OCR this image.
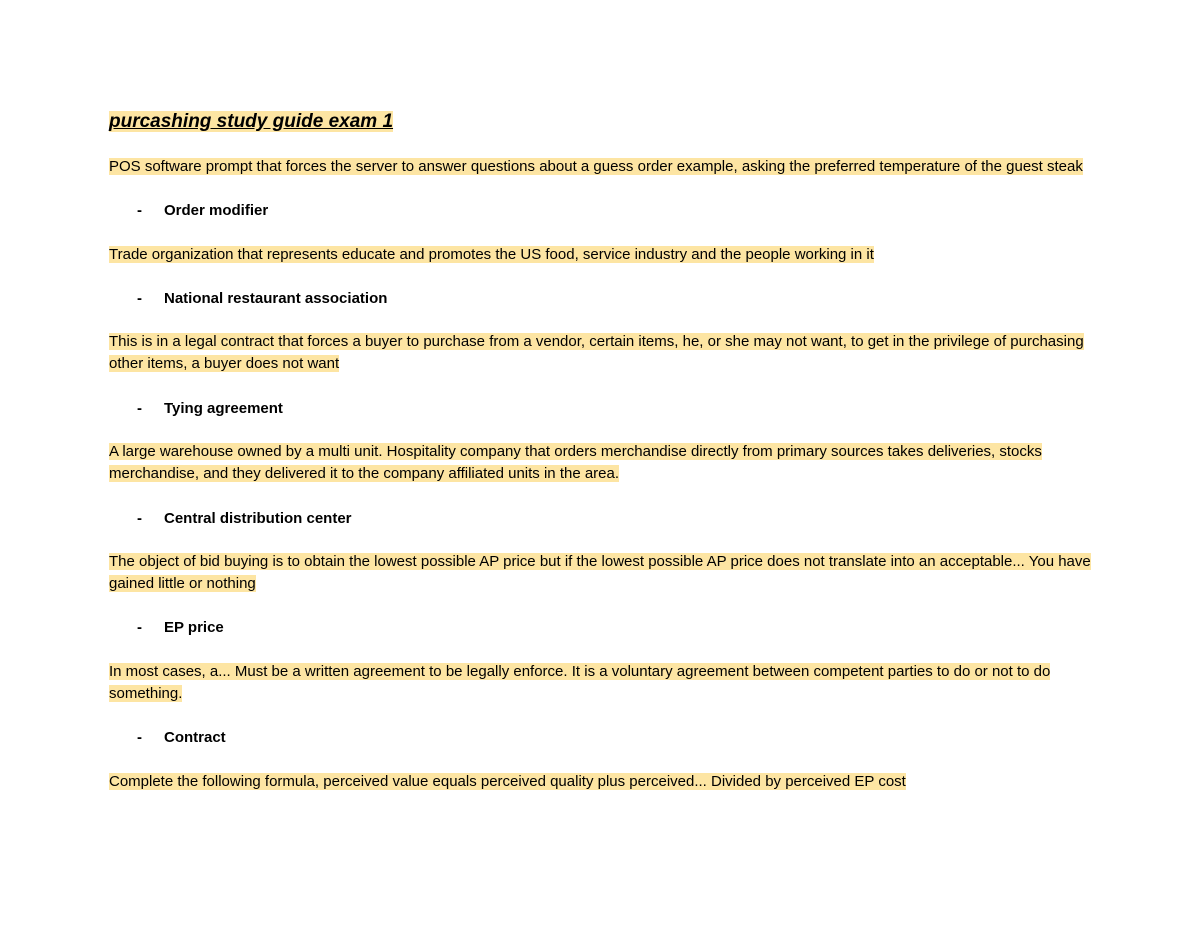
purcashing study guide exam 1

POS software prompt that forces the server to answer questions about a guess order example, asking the preferred temperature of the guest steak

- Order modifier

Trade organization that represents educate and promotes the US food, service industry and the people working in it

- National restaurant association

This is in a legal contract that forces a buyer to purchase from a vendor, certain items, he, or she may not want, to get in the privilege of purchasing other items, a buyer does not want

- Tying agreement

A large warehouse owned by a multi unit. Hospitality company that orders merchandise directly from primary sources takes deliveries, stocks merchandise, and they delivered it to the company affiliated units in the area.

- Central distribution center

The object of bid buying is to obtain the lowest possible AP price but if the lowest possible AP price does not translate into an acceptable... You have gained little or nothing

- EP price

In most cases, a... Must be a written agreement to be legally enforce. It is a voluntary agreement between competent parties to do or not to do something.

- Contract

Complete the following formula, perceived value equals perceived quality plus perceived... Divided by perceived EP cost
